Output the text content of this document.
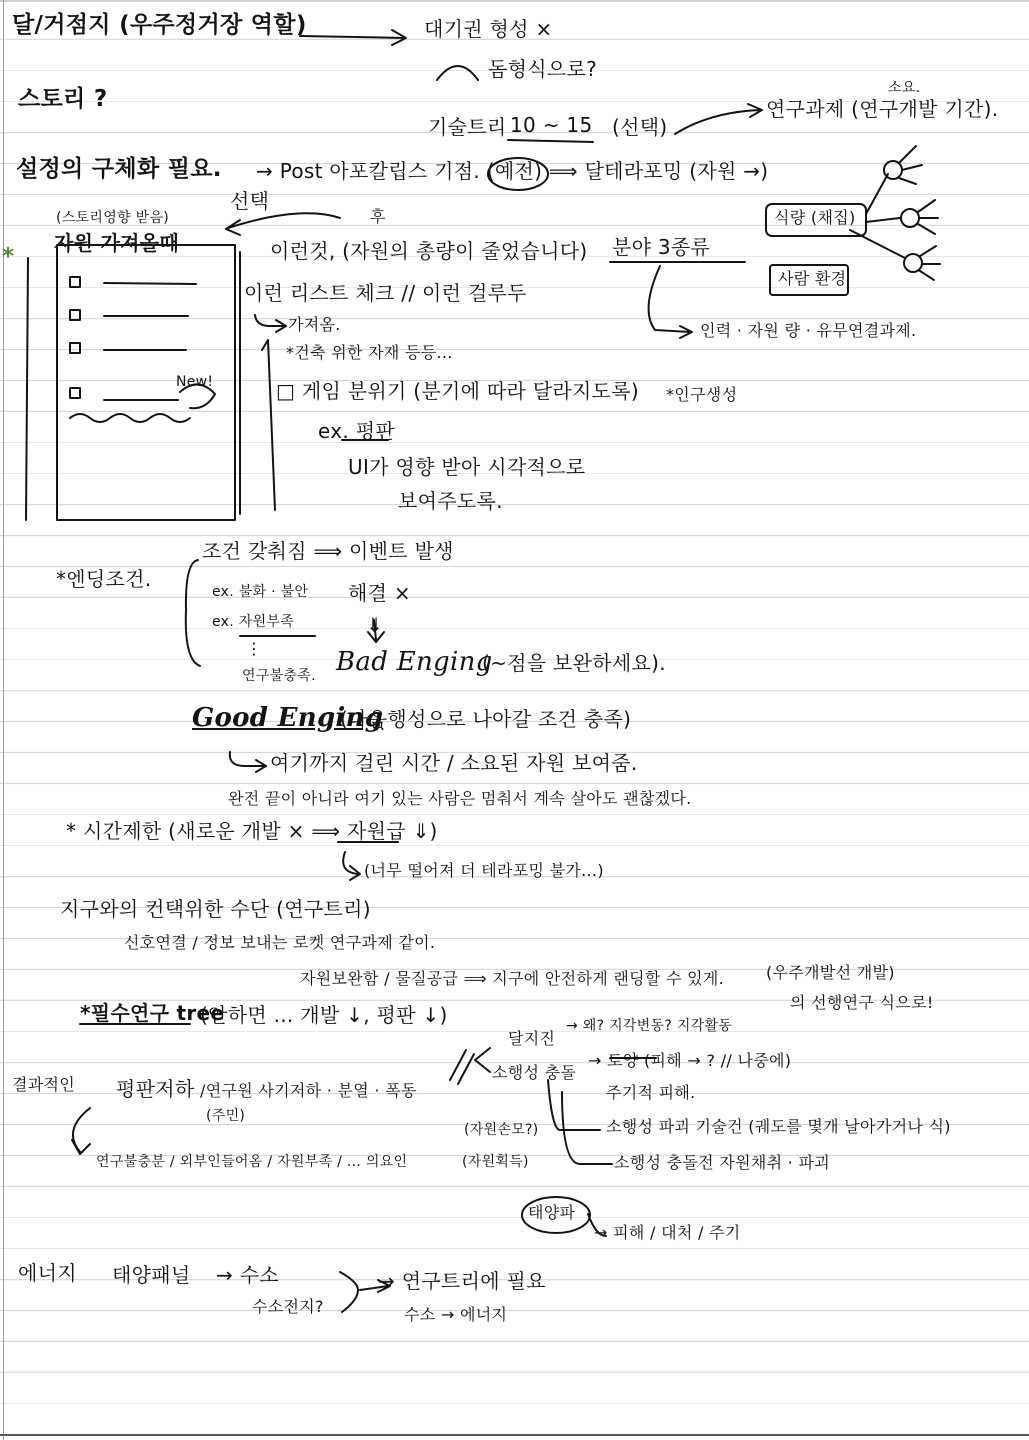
달/거점지 (우주정거장 역할)	대기권 형성 ×
돔형식으로?
스토리 ?	소요.
기술트리 10 ~ 15 (선택)
연구과제 (연구개발 기간).
설정의 구체화 필요. → Post 아포칼립스 기점. (예전) ⟹ 달테라포밍 (자원 →)
선택
(스토리영향 받음)
자원 가져올때
*
후
이런것, (자원의 총량이 줄었습니다) 분야 3종류
식량 (채집)
사람 환경
인력 · 자원 량 · 유무연결과제.
New!
이런 리스트 체크 // 이런 걸루두
가져옴.
*건축 위한 자재 등등...
□ 게임 분위기 (분기에 따라 달라지도록) *인구생성
ex. 평판
UI가 영향 받아 시각적으로
보여주도록.
*엔딩조건.
조건 갖춰짐 ⟹ 이벤트 발생
ex. 불화 · 불안 해결 ×
ex. 자원부족
⋮
연구불충족.
⇓
Bad Enging
(~점을 보완하세요).
Good Enging
(다음행성으로 나아갈 조건 충족)
여기까지 걸린 시간 / 소요된 자원 보여줌.
완전 끝이 아니라 여기 있는 사람은 멈춰서 계속 살아도 괜찮겠다.
* 시간제한 (새로운 개발 × ⟹ 자원급 ⇓)
(너무 떨어져 더 테라포밍 불가...)
지구와의 컨택위한 수단 (연구트리)
신호연결 / 정보 보내는 로켓 연구과제 같이.
자원보완함 / 물질공급 ⟹ 지구에 안전하게 랜딩할 수 있게.	(우주개발선 개발)
의 선행연구 식으로!
*필수연구 tree
(안하면 ... 개발 ↓, 평판 ↓)
결과적인 평판저하 /연구원 사기저하 · 분열 · 폭동
(주민)
연구불충분 / 외부인들어옴 / 자원부족 / ... 의요인
달지진
→ 왜? 지각변동? 지각활동
소행성 충돌
→ 토양 (피해 → ? // 나중에)
주기적 피해.
(자원손모?)
(자원획득)
소행성 파괴 기술건 (궤도를 몇개 날아가거나 식)
소행성 충돌전 자원채취 · 파괴
태양파
→ 피해 / 대처 / 주기
에너지 태양패널 → 수소
수소전지?
→ 연구트리에 필요
수소 → 에너지
